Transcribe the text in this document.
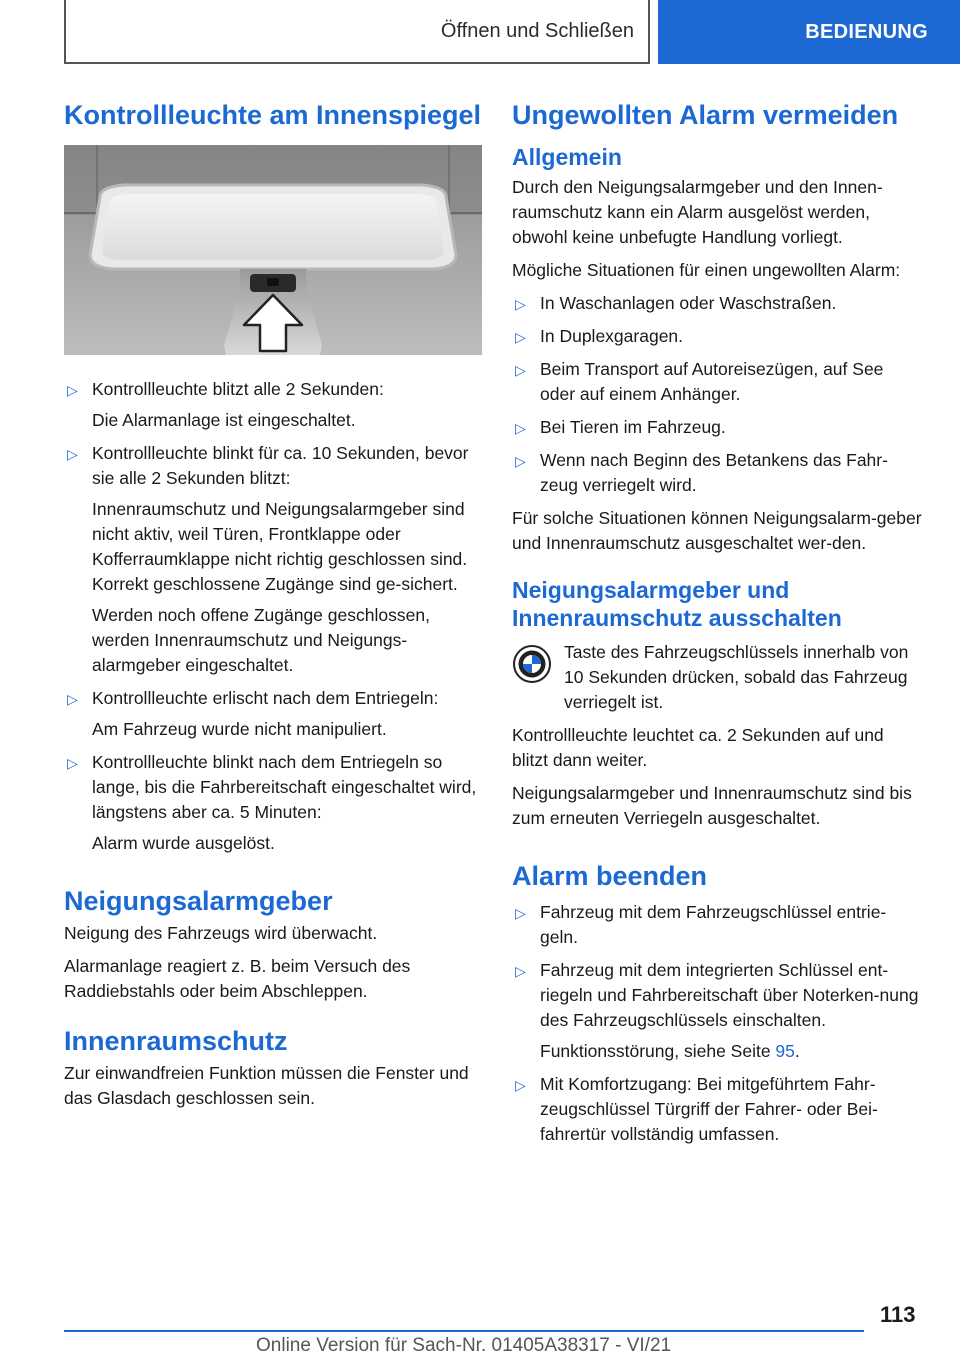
Öffnen und Schließen	BEDIENUNG
Kontrollleuchte am Innenspiegel
▷ Kontrollleuchte blitzt alle 2 Sekunden:
Die Alarmanlage ist eingeschaltet.
▷ Kontrollleuchte blinkt für ca. 10 Sekunden, bevor sie alle 2 Sekunden blitzt:
Innenraumschutz und Neigungsalarmgeber sind nicht aktiv, weil Türen, Frontklappe oder Kofferraumklappe nicht richtig geschlossen sind. Korrekt geschlossene Zugänge sind ge-sichert.
Werden noch offene Zugänge geschlossen, werden Innenraumschutz und Neigungs-alarmgeber eingeschaltet.
▷ Kontrollleuchte erlischt nach dem Entriegeln:
Am Fahrzeug wurde nicht manipuliert.
▷ Kontrollleuchte blinkt nach dem Entriegeln so lange, bis die Fahrbereitschaft eingeschaltet wird, längstens aber ca. 5 Minuten:
Alarm wurde ausgelöst.
Neigungsalarmgeber

Neigung des Fahrzeugs wird überwacht.

Alarmanlage reagiert z. B. beim Versuch des Raddiebstahls oder beim Abschleppen.

Innenraumschutz

Zur einwandfreien Funktion müssen die Fenster und das Glasdach geschlossen sein.

Ungewollten Alarm vermeiden
Allgemein

Durch den Neigungsalarmgeber und den Innen-raumschutz kann ein Alarm ausgelöst werden, obwohl keine unbefugte Handlung vorliegt.

Mögliche Situationen für einen ungewollten Alarm:

▷ In Waschanlagen oder Waschstraßen.
▷ In Duplexgaragen.
▷ Beim Transport auf Autoreisezügen, auf See oder auf einem Anhänger.
▷ Bei Tieren im Fahrzeug.
▷ Wenn nach Beginn des Betankens das Fahr-zeug verriegelt wird.

Für solche Situationen können Neigungsalarm-geber und Innenraumschutz ausgeschaltet wer-den.

Neigungsalarmgeber und Innenraumschutz ausschalten

Taste des Fahrzeugschlüssels innerhalb von 10 Sekunden drücken, sobald das Fahrzeug verriegelt ist.

Kontrollleuchte leuchtet ca. 2 Sekunden auf und blitzt dann weiter.

Neigungsalarmgeber und Innenraumschutz sind bis zum erneuten Verriegeln ausgeschaltet.

Alarm beenden
▷ Fahrzeug mit dem Fahrzeugschlüssel entrie-geln.
▷ Fahrzeug mit dem integrierten Schlüssel ent-riegeln und Fahrbereitschaft über Noterken-nung des Fahrzeugschlüssels einschalten.
Funktionsstörung, siehe Seite 95.
▷ Mit Komfortzugang: Bei mitgeführtem Fahr-zeugschlüssel Türgriff der Fahrer- oder Bei-fahrertür vollständig umfassen.
113
Online Version für Sach-Nr. 01405A38317 - VI/21
